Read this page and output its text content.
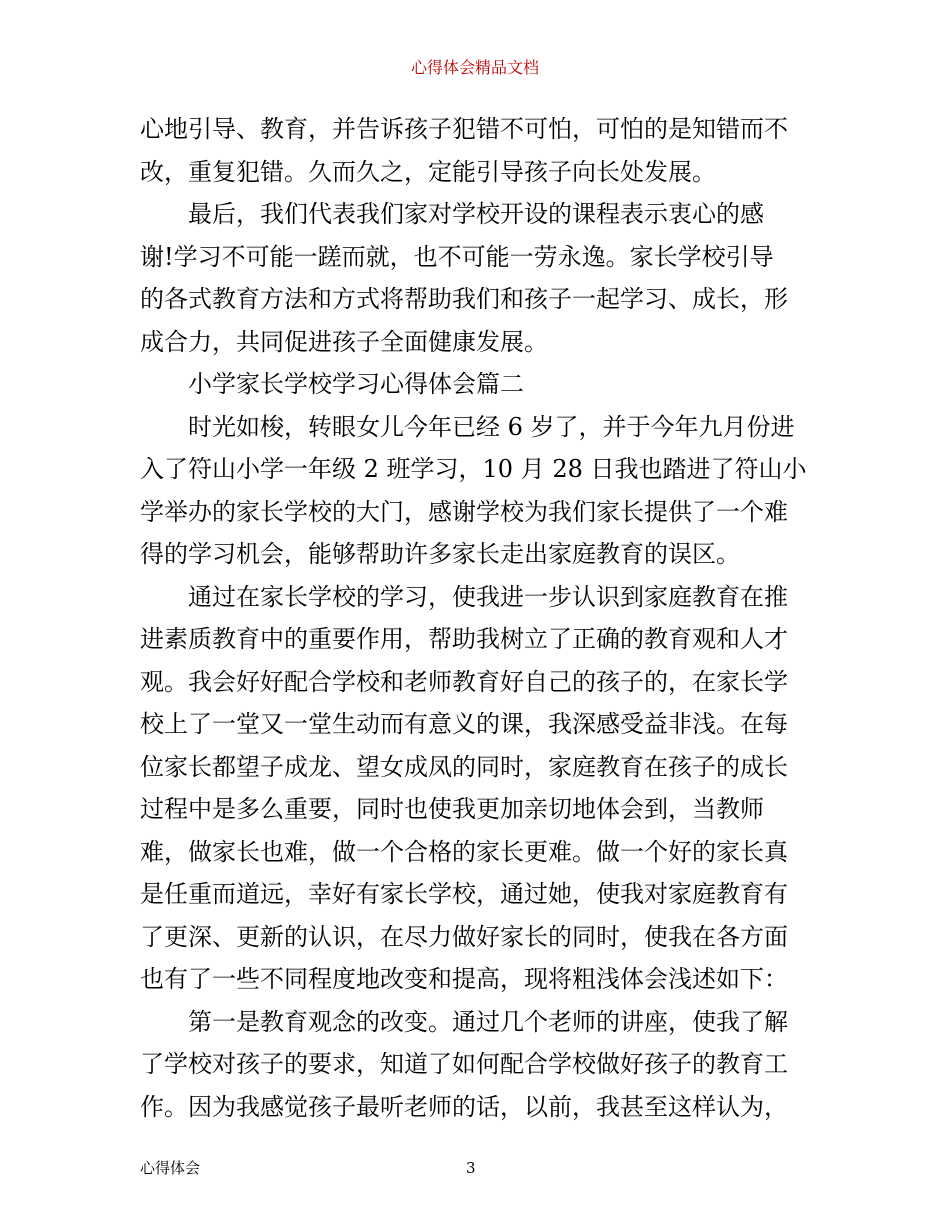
心得体会精品文档
心地引导、教育，并告诉孩子犯错不可怕，可怕的是知错而不
改，重复犯错。久而久之，定能引导孩子向长处发展。
最后，我们代表我们家对学校开设的课程表示衷心的感
谢!学习不可能一蹉而就，也不可能一劳永逸。家长学校引导
的各式教育方法和方式将帮助我们和孩子一起学习、成长，形
成合力，共同促进孩子全面健康发展。
小学家长学校学习心得体会篇二
时光如梭，转眼女儿今年已经 6 岁了，并于今年九月份进
入了符山小学一年级 2 班学习，10 月 28 日我也踏进了符山小
学举办的家长学校的大门，感谢学校为我们家长提供了一个难
得的学习机会，能够帮助许多家长走出家庭教育的误区。
通过在家长学校的学习，使我进一步认识到家庭教育在推
进素质教育中的重要作用，帮助我树立了正确的教育观和人才
观。我会好好配合学校和老师教育好自己的孩子的，在家长学
校上了一堂又一堂生动而有意义的课，我深感受益非浅。在每
位家长都望子成龙、望女成凤的同时，家庭教育在孩子的成长
过程中是多么重要，同时也使我更加亲切地体会到，当教师
难，做家长也难，做一个合格的家长更难。做一个好的家长真
是任重而道远，幸好有家长学校，通过她，使我对家庭教育有
了更深、更新的认识，在尽力做好家长的同时，使我在各方面
也有了一些不同程度地改变和提高，现将粗浅体会浅述如下：
第一是教育观念的改变。通过几个老师的讲座，使我了解
了学校对孩子的要求，知道了如何配合学校做好孩子的教育工
作。因为我感觉孩子最听老师的话，以前，我甚至这样认为，
心得体会	3
